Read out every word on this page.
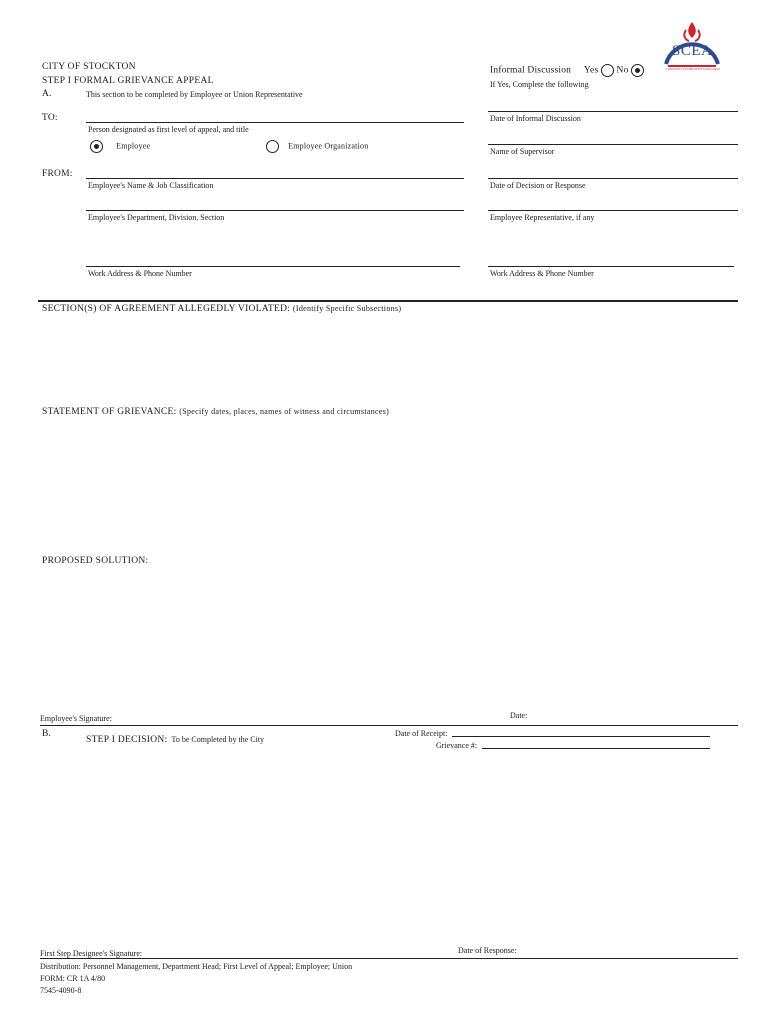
SCEA
STOCKTON CITY EMPLOYEES ASSOCIATION
CITY OF STOCKTON
STEP I FORMAL GRIEVANCE APPEAL
A.	This section to be completed by Employee or Union Representative
Informal Discussion Yes No
If Yes, Complete the following
TO:
Person designated as first level of appeal, and title
Employee	Employee Organization
FROM:
Employee's Name & Job Classification
Employee's Department, Division, Section
Work Address & Phone Number
Date of Informal Discussion
Name of Supervisor
Date of Decision or Response
Employee Representative, if any
Work Address & Phone Number
SECTION(S) OF AGREEMENT ALLEGEDLY VIOLATED: (Identify Specific Subsections)
STATEMENT OF GRIEVANCE: (Specify dates, places, names of witness and circumstances)
PROPOSED SOLUTION:
Employee's Signature:	Date:
B.
STEP I DECISION: To be Completed by the City
Date of Receipt:
Grievance #:
First Step Designee's Signature:	Date of Response:
Distribution: Personnel Management, Department Head; First Level of Appeal; Employee; Union
FORM: CR 1A 4/80
7545-4090-8
